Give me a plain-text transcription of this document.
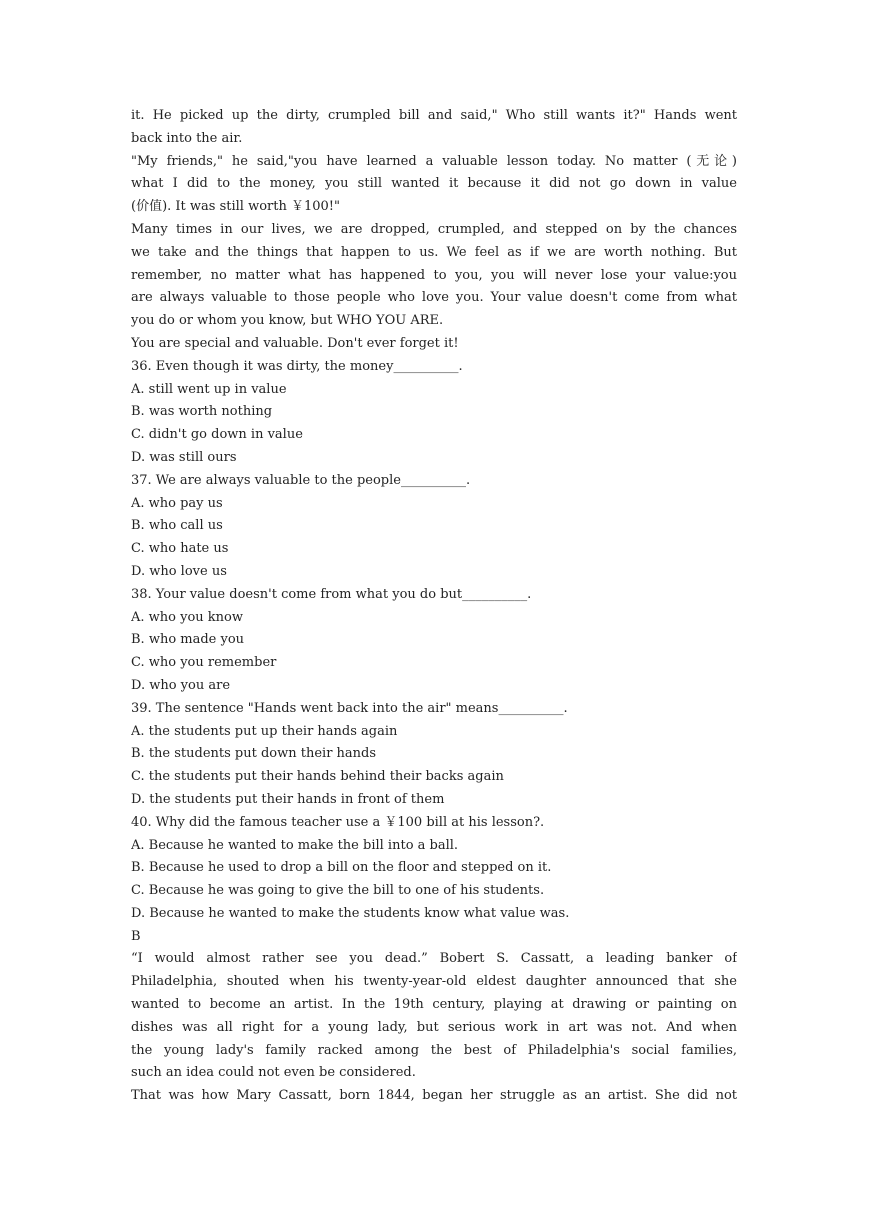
it. He picked up the dirty, crumpled bill and said," Who still wants it?" Hands went
back into the air.
"My friends," he said,"you have learned a valuable lesson today. No matter (无论)
what I did to the money, you still wanted it because it did not go down in value
(价值). It was still worth ￥100!"
Many times in our lives, we are dropped, crumpled, and stepped on by the chances
we take and the things that happen to us. We feel as if we are worth nothing. But
remember, no matter what has happened to you, you will never lose your value:you
are always valuable to those people who love you. Your value doesn't come from what
you do or whom you know, but WHO YOU ARE.
You are special and valuable. Don't ever forget it!
36. Even though it was dirty, the money__________.
A. still went up in value
B. was worth nothing
C. didn't go down in value
D. was still ours
37. We are always valuable to the people__________.
A. who pay us
B. who call us
C. who hate us
D. who love us
38. Your value doesn't come from what you do but__________.
A. who you know
B. who made you
C. who you remember
D. who you are
39. The sentence "Hands went back into the air" means__________.
A. the students put up their hands again
B. the students put down their hands
C. the students put their hands behind their backs again
D. the students put their hands in front of them
40. Why did the famous teacher use a ￥100 bill at his lesson?.
A. Because he wanted to make the bill into a ball.
B. Because he used to drop a bill on the floor and stepped on it.
C. Because he was going to give the bill to one of his students.
D. Because he wanted to make the students know what value was.
B
“I would almost rather see you dead.” Bobert S. Cassatt, a leading banker of
Philadelphia, shouted when his twenty-year-old eldest daughter announced that she
wanted to become an artist. In the 19th century, playing at drawing or painting on
dishes was all right for a young lady, but serious work in art was not. And when
the young lady's family racked among the best of Philadelphia's social families,
such an idea could not even be considered.
That was how Mary Cassatt, born 1844, began her struggle as an artist. She did not
